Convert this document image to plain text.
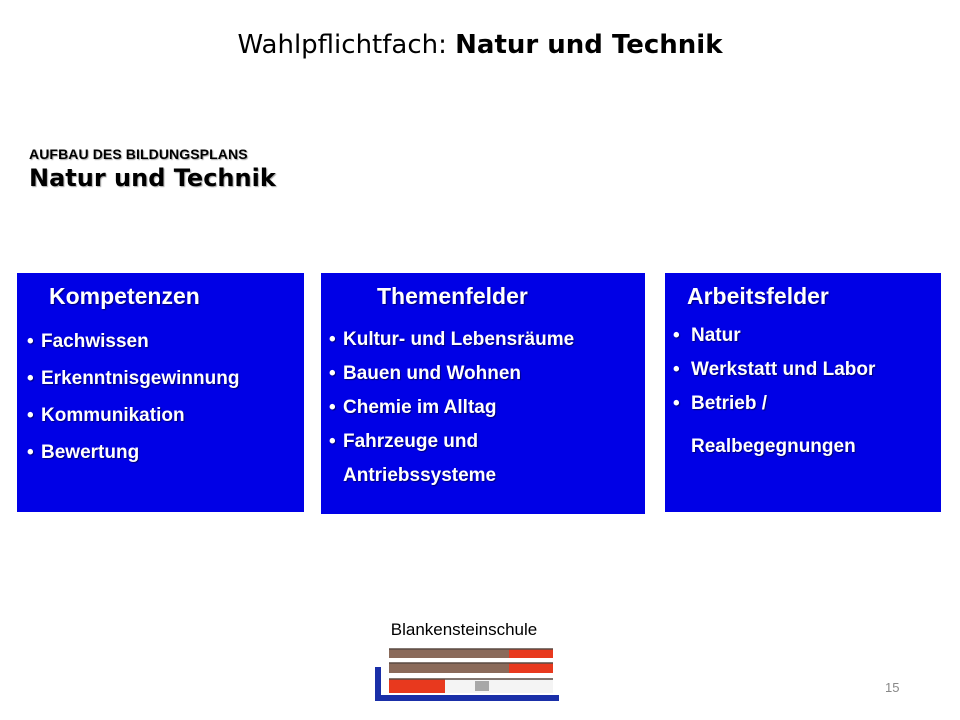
Wahlpflichtfach: Natur und Technik
AUFBAU DES BILDUNGSPLANS
Natur und Technik
Kompetenzen
• Fachwissen
• Erkenntnisgewinnung
• Kommunikation
• Bewertung
Themenfelder
• Kultur- und Lebensräume
• Bauen und Wohnen
• Chemie im Alltag
• Fahrzeuge und
Antriebssysteme
Arbeitsfelder
• Natur
• Werkstatt und Labor
• Betrieb /
Realbegegnungen
Blankensteinschule
15
